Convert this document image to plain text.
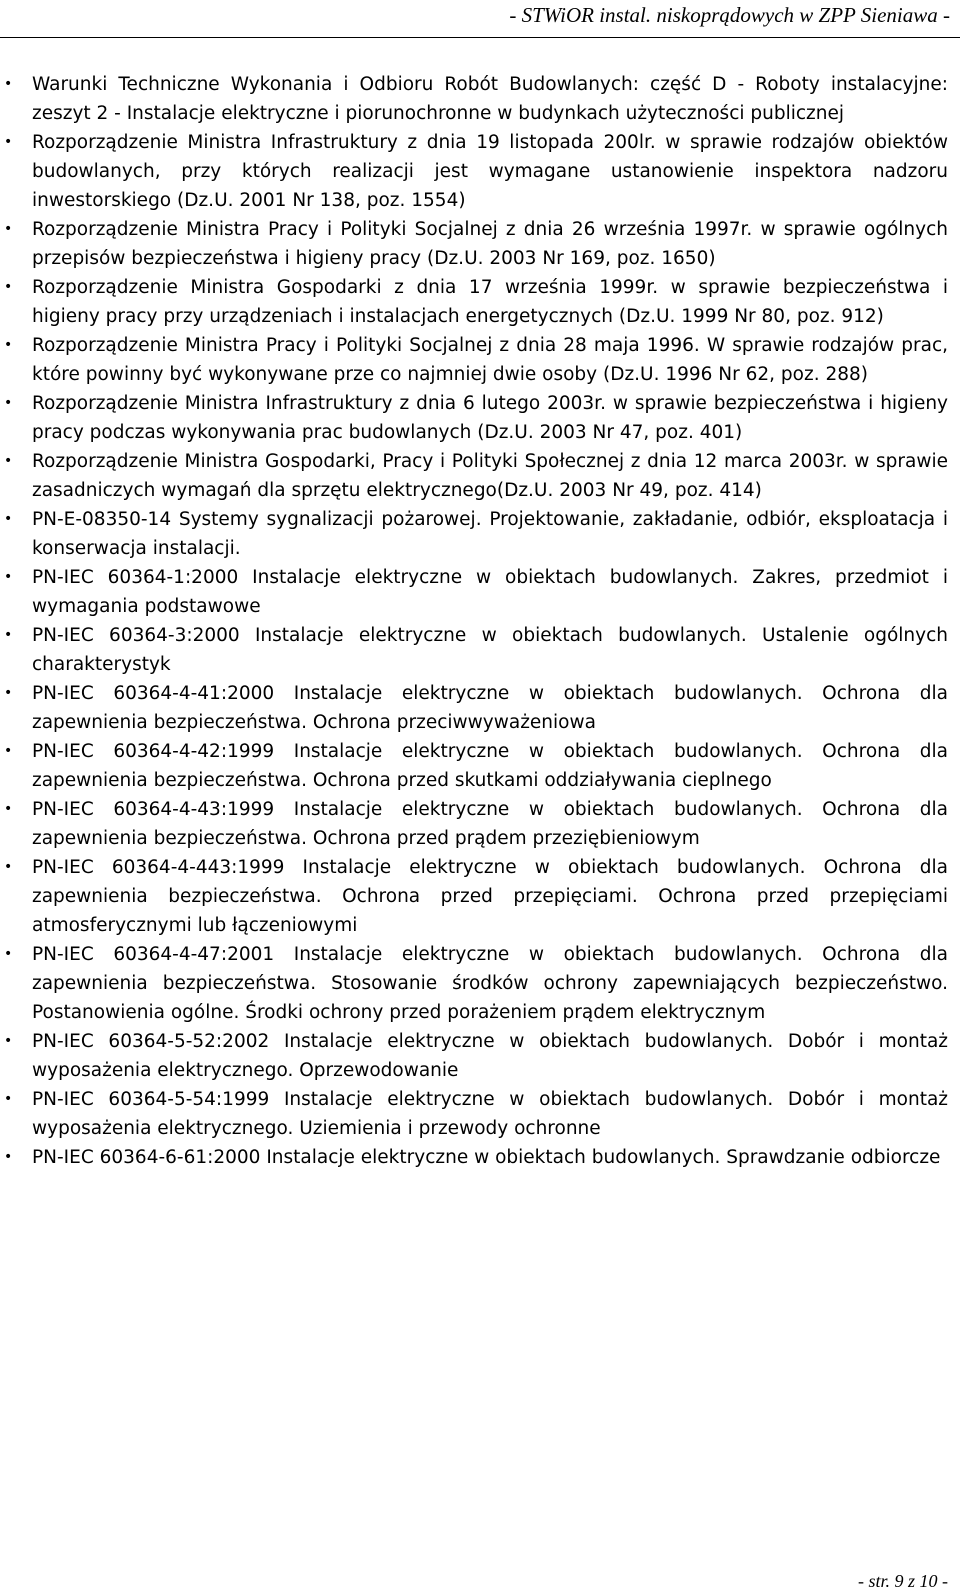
- STWiOR instal. niskoprądowych w ZPP Sieniawa -
• Warunki Techniczne Wykonania i Odbioru Robót Budowlanych: część D - Roboty instalacyjne: zeszyt 2 - Instalacje elektryczne i piorunochronne w budynkach użyteczności publicznej
• Rozporządzenie Ministra Infrastruktury z dnia 19 listopada 200lr. w sprawie rodzajów obiektów budowlanych, przy których realizacji jest wymagane ustanowienie inspektora nadzoru inwestorskiego (Dz.U. 2001 Nr 138, poz. 1554)
• Rozporządzenie Ministra Pracy i Polityki Socjalnej z dnia 26 września 1997r. w sprawie ogólnych przepisów bezpieczeństwa i higieny pracy (Dz.U. 2003 Nr 169, poz. 1650)
• Rozporządzenie Ministra Gospodarki z dnia 17 września 1999r. w sprawie bezpieczeństwa i higieny pracy przy urządzeniach i instalacjach energetycznych (Dz.U. 1999 Nr 80, poz. 912)
• Rozporządzenie Ministra Pracy i Polityki Socjalnej z dnia 28 maja 1996. W sprawie rodzajów prac, które powinny być wykonywane prze co najmniej dwie osoby (Dz.U. 1996 Nr 62, poz. 288)
• Rozporządzenie Ministra Infrastruktury z dnia 6 lutego 2003r. w sprawie bezpieczeństwa i higieny pracy podczas wykonywania prac budowlanych (Dz.U. 2003 Nr 47, poz. 401)
• Rozporządzenie Ministra Gospodarki, Pracy i Polityki Społecznej z dnia 12 marca 2003r. w sprawie zasadniczych wymagań dla sprzętu elektrycznego(Dz.U. 2003 Nr 49, poz. 414)
• PN-E-08350-14 Systemy sygnalizacji pożarowej. Projektowanie, zakładanie, odbiór, eksploatacja i konserwacja instalacji.
• PN-IEC 60364-1:2000 Instalacje elektryczne w obiektach budowlanych. Zakres, przedmiot i wymagania podstawowe
• PN-IEC 60364-3:2000 Instalacje elektryczne w obiektach budowlanych. Ustalenie ogólnych charakterystyk
• PN-IEC 60364-4-41:2000 Instalacje elektryczne w obiektach budowlanych. Ochrona dla zapewnienia bezpieczeństwa. Ochrona przeciwwyważeniowa
• PN-IEC 60364-4-42:1999 Instalacje elektryczne w obiektach budowlanych. Ochrona dla zapewnienia bezpieczeństwa. Ochrona przed skutkami oddziaływania cieplnego
• PN-IEC 60364-4-43:1999 Instalacje elektryczne w obiektach budowlanych. Ochrona dla zapewnienia bezpieczeństwa. Ochrona przed prądem przeziębieniowym
• PN-IEC 60364-4-443:1999 Instalacje elektryczne w obiektach budowlanych. Ochrona dla zapewnienia bezpieczeństwa. Ochrona przed przepięciami. Ochrona przed przepięciami atmosferycznymi lub łączeniowymi
• PN-IEC 60364-4-47:2001 Instalacje elektryczne w obiektach budowlanych. Ochrona dla zapewnienia bezpieczeństwa. Stosowanie środków ochrony zapewniających bezpieczeństwo. Postanowienia ogólne. Środki ochrony przed porażeniem prądem elektrycznym
• PN-IEC 60364-5-52:2002 Instalacje elektryczne w obiektach budowlanych. Dobór i montaż wyposażenia elektrycznego. Oprzewodowanie
• PN-IEC 60364-5-54:1999 Instalacje elektryczne w obiektach budowlanych. Dobór i montaż wyposażenia elektrycznego. Uziemienia i przewody ochronne
• PN-IEC 60364-6-61:2000 Instalacje elektryczne w obiektach budowlanych. Sprawdzanie odbiorcze
- str. 9 z 10 -
